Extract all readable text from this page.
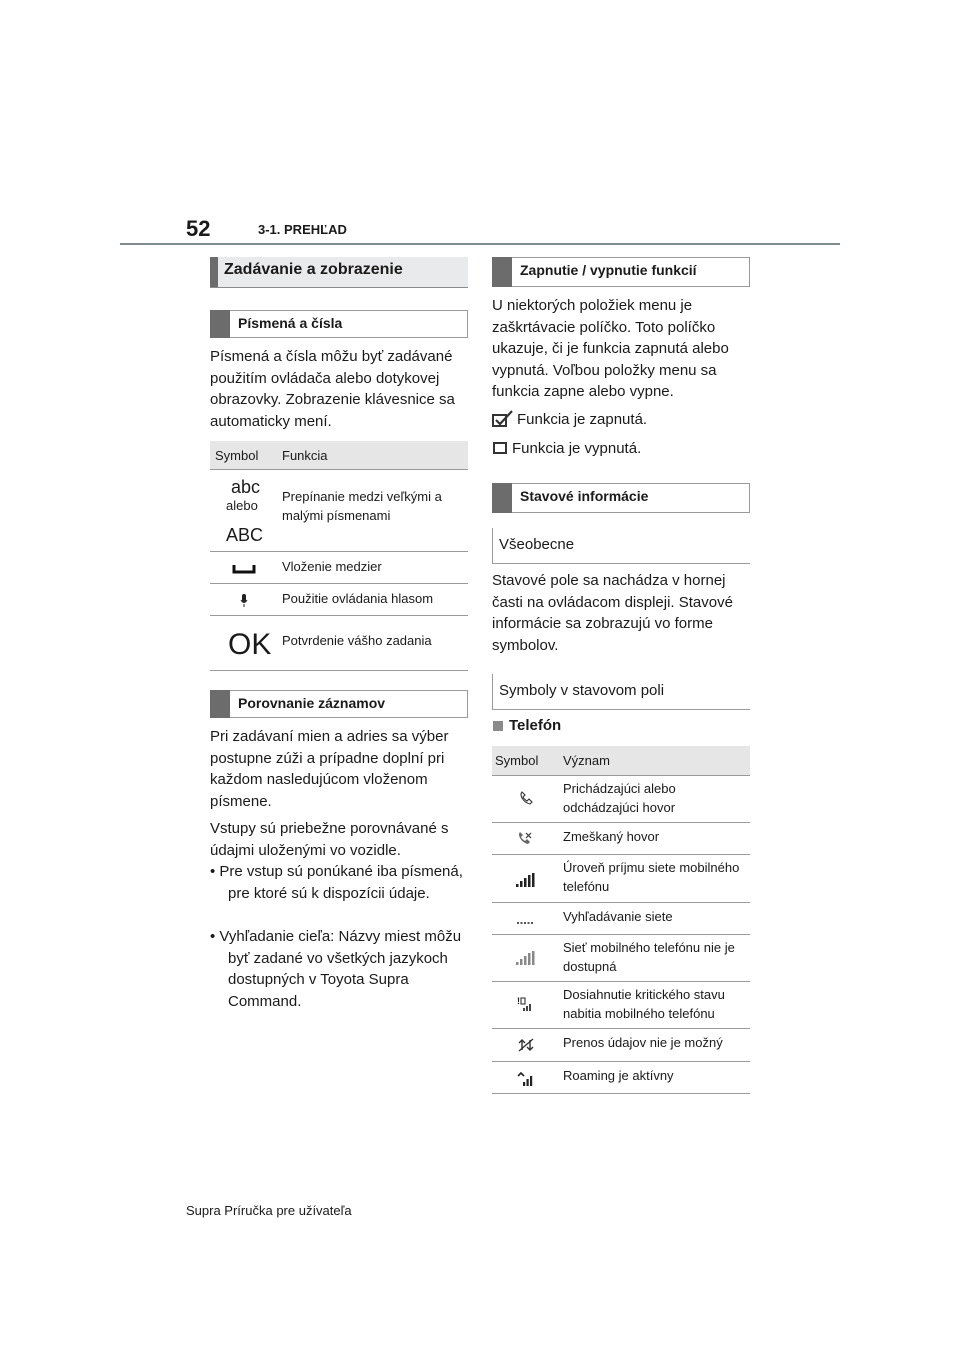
52	3-1. PREHĽAD
Zadávanie a zobrazenie
Písmená a čísla
Písmená a čísla môžu byť zadávané použitím ovládača alebo dotykovej obrazovky. Zobrazenie klávesnice sa automaticky mení.
Symbol Funkcia
abc
alebo
ABC
Prepínanie medzi veľkými a malými písmenami
Vloženie medzier
Použitie ovládania hlasom
OK Potvrdenie vášho zadania
Porovnanie záznamov
Pri zadávaní mien a adries sa výber postupne zúži a prípadne doplní pri každom nasledujúcom vloženom písmene.
Vstupy sú priebežne porovnávané s údajmi uloženými vo vozidle.
• Pre vstup sú ponúkané iba písmená, pre ktoré sú k dispozícii údaje.
• Vyhľadanie cieľa: Názvy miest môžu byť zadané vo všetkých jazykoch dostupných v Toyota Supra Command.
Zapnutie / vypnutie funkcií
U niektorých položiek menu je zaškrtávacie políčko. Toto políčko ukazuje, či je funkcia zapnutá alebo vypnutá. Voľbou položky menu sa funkcia zapne alebo vypne.
Funkcia je zapnutá.
Funkcia je vypnutá.
Stavové informácie
Všeobecne
Stavové pole sa nachádza v hornej časti na ovládacom displeji. Stavové informácie sa zobrazujú vo forme symbolov.
Symboly v stavovom poli
Telefón
Symbol Význam
Prichádzajúci alebo odchádzajúci hovor
Zmeškaný hovor
Úroveň príjmu siete mobilného telefónu
Vyhľadávanie siete
Sieť mobilného telefónu nie je dostupná
!	Dosiahnutie kritického stavu nabitia mobilného telefónu
Prenos údajov nie je možný
Roaming je aktívny
Supra Príručka pre užívateľa
